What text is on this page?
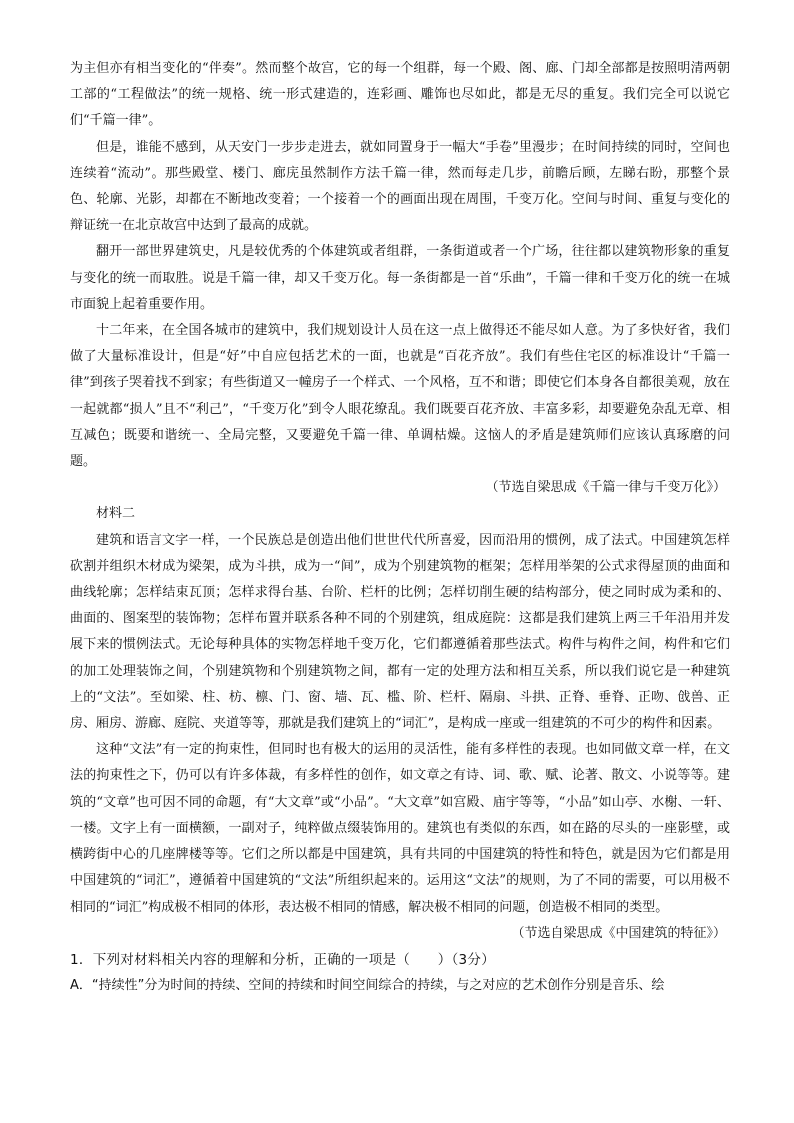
为主但亦有相当变化的“伴奏”。然而整个故宫，它的每一个组群，每一个殿、阁、廊、门却全部都是按照明清两朝工部的“工程做法”的统一规格、统一形式建造的，连彩画、雕饰也尽如此，都是无尽的重复。我们完全可以说它们“千篇一律”。

但是，谁能不感到，从天安门一步步走进去，就如同置身于一幅大“手卷”里漫步；在时间持续的同时，空间也连续着“流动”。那些殿堂、楼门、廊庑虽然制作方法千篇一律，然而每走几步，前瞻后顾，左睇右盼，那整个景色、轮廓、光影，却都在不断地改变着；一个接着一个的画面出现在周围，千变万化。空间与时间、重复与变化的辩证统一在北京故宫中达到了最高的成就。

翻开一部世界建筑史，凡是较优秀的个体建筑或者组群，一条街道或者一个广场，往往都以建筑物形象的重复与变化的统一而取胜。说是千篇一律，却又千变万化。每一条街都是一首“乐曲”，千篇一律和千变万化的统一在城市面貌上起着重要作用。

十二年来，在全国各城市的建筑中，我们规划设计人员在这一点上做得还不能尽如人意。为了多快好省，我们做了大量标准设计，但是“好”中自应包括艺术的一面，也就是“百花齐放”。我们有些住宅区的标准设计“千篇一律”到孩子哭着找不到家；有些街道又一幢房子一个样式、一个风格，互不和谐；即使它们本身各自都很美观，放在一起就都“损人”且不“利己”，“千变万化”到令人眼花缭乱。我们既要百花齐放、丰富多彩，却要避免杂乱无章、相互减色；既要和谐统一、全局完整，又要避免千篇一律、单调枯燥。这恼人的矛盾是建筑师们应该认真琢磨的问题。

（节选自梁思成《千篇一律与千变万化》）

材料二

建筑和语言文字一样，一个民族总是创造出他们世世代代所喜爱，因而沿用的惯例，成了法式。中国建筑怎样砍割并组织木材成为梁架，成为斗拱，成为一“间”，成为个别建筑物的框架；怎样用举架的公式求得屋顶的曲面和曲线轮廓；怎样结束瓦顶；怎样求得台基、台阶、栏杆的比例；怎样切削生硬的结构部分，使之同时成为柔和的、曲面的、图案型的装饰物；怎样布置并联系各种不同的个别建筑，组成庭院：这都是我们建筑上两三千年沿用并发展下来的惯例法式。无论每种具体的实物怎样地千变万化，它们都遵循着那些法式。构件与构件之间，构件和它们的加工处理装饰之间，个别建筑物和个别建筑物之间，都有一定的处理方法和相互关系，所以我们说它是一种建筑上的“文法”。至如梁、柱、枋、檩、门、窗、墙、瓦、槛、阶、栏杆、隔扇、斗拱、正脊、垂脊、正吻、戗兽、正房、厢房、游廊、庭院、夹道等等，那就是我们建筑上的“词汇”，是构成一座或一组建筑的不可少的构件和因素。

这种“文法”有一定的拘束性，但同时也有极大的运用的灵活性，能有多样性的表现。也如同做文章一样，在文法的拘束性之下，仍可以有许多体裁，有多样性的创作，如文章之有诗、词、歌、赋、论著、散文、小说等等。建筑的“文章”也可因不同的命题，有“大文章”或“小品”。“大文章”如宫殿、庙宇等等，“小品”如山亭、水榭、一轩、一楼。文字上有一面横额，一副对子，纯粹做点缀装饰用的。建筑也有类似的东西，如在路的尽头的一座影壁，或横跨街中心的几座牌楼等等。它们之所以都是中国建筑，具有共同的中国建筑的特性和特色，就是因为它们都是用中国建筑的“词汇”，遵循着中国建筑的“文法”所组织起来的。运用这“文法”的规则，为了不同的需要，可以用极不相同的“词汇”构成极不相同的体形，表达极不相同的情感，解决极不相同的问题，创造极不相同的类型。

（节选自梁思成《中国建筑的特征》）

1．下列对材料相关内容的理解和分析，正确的一项是（　　）（3分）

A．“持续性”分为时间的持续、空间的持续和时间空间综合的持续，与之对应的艺术创作分别是音乐、绘
